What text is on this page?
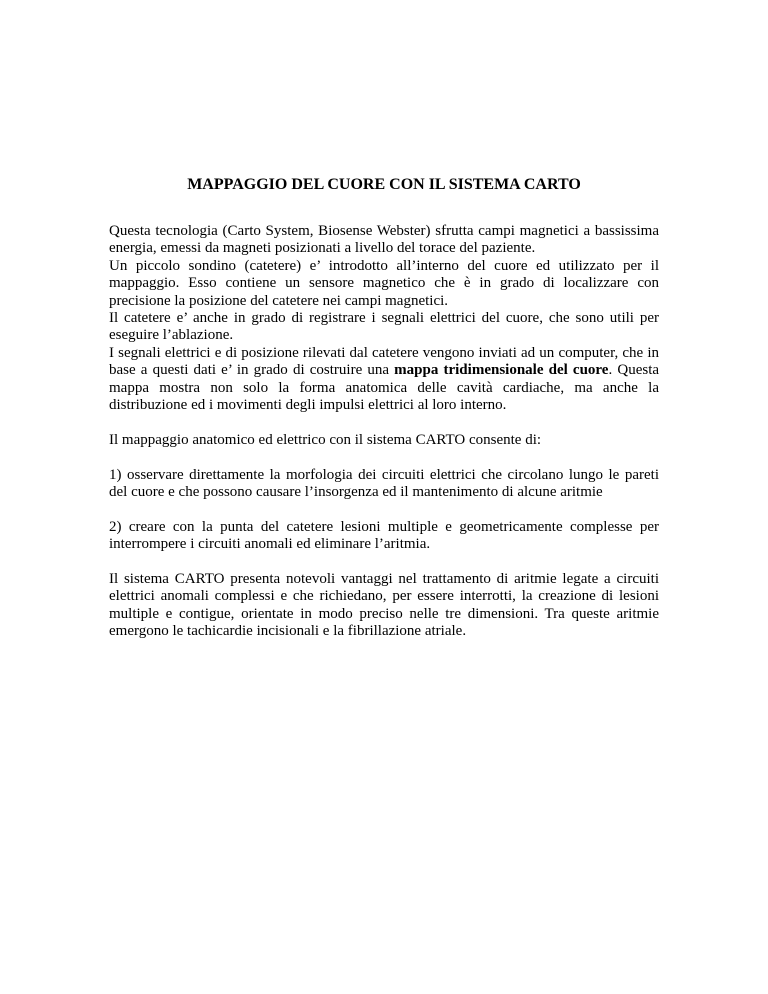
MAPPAGGIO DEL CUORE CON IL SISTEMA CARTO

Questa tecnologia (Carto System, Biosense Webster) sfrutta campi magnetici a bassissima energia, emessi da magneti posizionati a livello del torace del paziente.

Un piccolo sondino (catetere) e’ introdotto all’interno del cuore ed utilizzato per il mappaggio. Esso contiene un sensore magnetico che è in grado di localizzare con precisione la posizione del catetere nei campi magnetici.

Il catetere e’ anche in grado di registrare i segnali elettrici del cuore, che sono utili per eseguire l’ablazione.

I segnali elettrici e di posizione rilevati dal catetere vengono inviati ad un computer, che in base a questi dati e’ in grado di costruire una mappa tridimensionale del cuore. Questa mappa mostra non solo la forma anatomica delle cavità cardiache, ma anche la distribuzione ed i movimenti degli impulsi elettrici al loro interno.

Il mappaggio anatomico ed elettrico con il sistema CARTO consente di:

1) osservare direttamente la morfologia dei circuiti elettrici che circolano lungo le pareti del cuore e che possono causare l’insorgenza ed il mantenimento di alcune aritmie

2) creare con la punta del catetere lesioni multiple e geometricamente complesse per interrompere i circuiti anomali ed eliminare l’aritmia.

Il sistema CARTO presenta notevoli vantaggi nel trattamento di aritmie legate a circuiti elettrici anomali complessi e che richiedano, per essere interrotti, la creazione di lesioni multiple e contigue, orientate in modo preciso nelle tre dimensioni. Tra queste aritmie emergono le tachicardie incisionali e la fibrillazione atriale.
